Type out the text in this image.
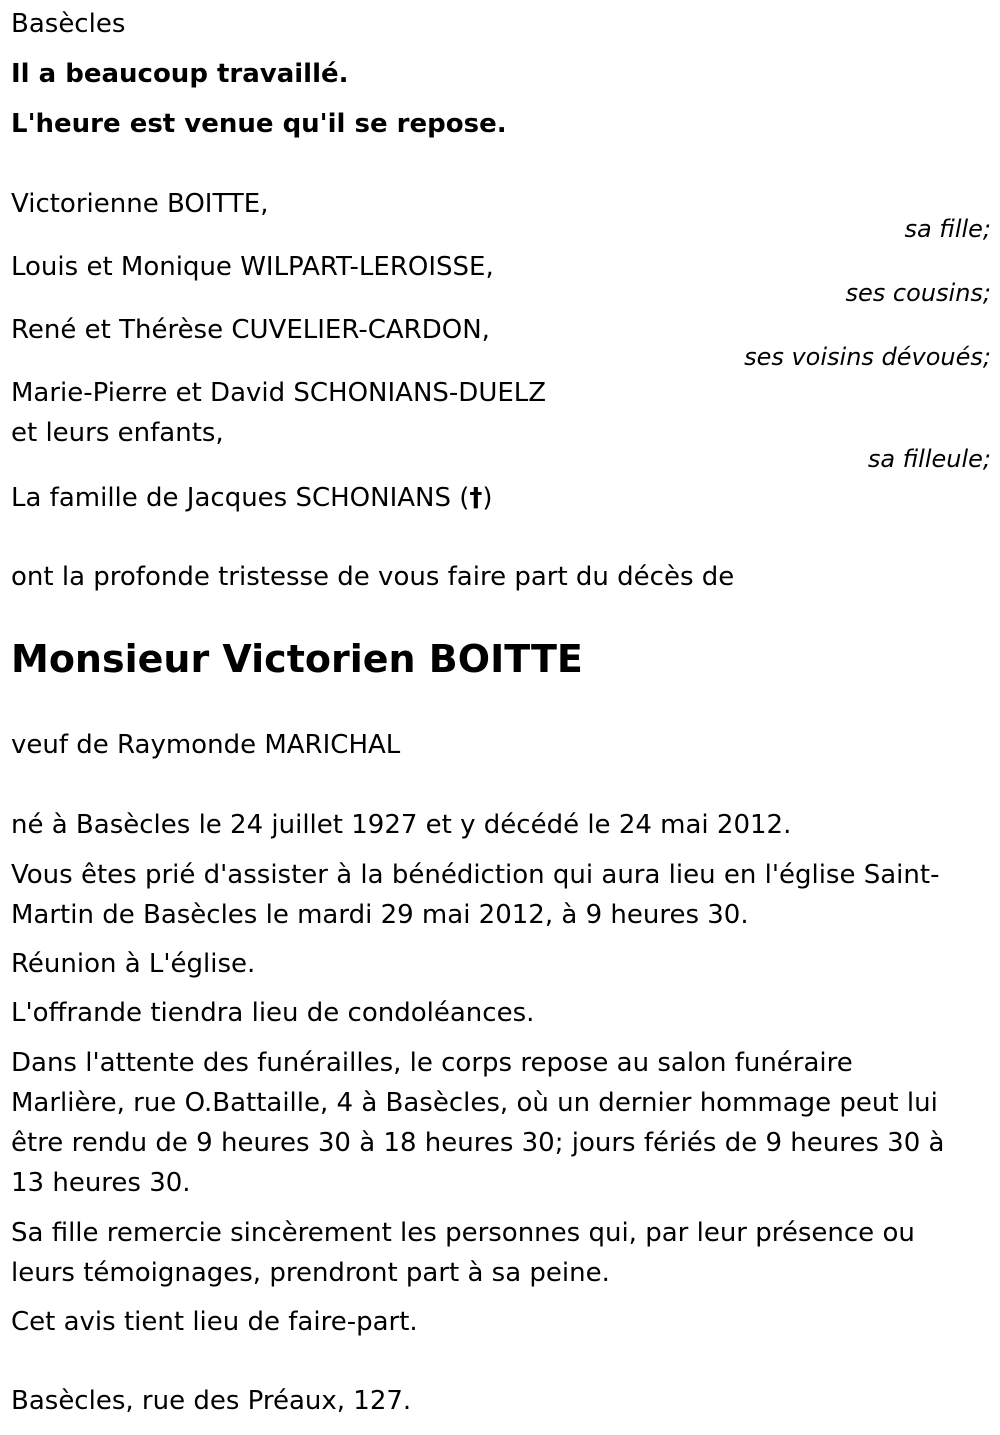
Basècles
Il a beaucoup travaillé.
L'heure est venue qu'il se repose.
Victorienne BOITTE,
sa fille;
Louis et Monique WILPART-LEROISSE,
ses cousins;
René et Thérèse CUVELIER-CARDON,
ses voisins dévoués;
Marie-Pierre et David SCHONIANS-DUELZ
et leurs enfants,
sa filleule;
La famille de Jacques SCHONIANS (†)
ont la profonde tristesse de vous faire part du décès de
Monsieur Victorien BOITTE
veuf de Raymonde MARICHAL
né à Basècles le 24 juillet 1927 et y décédé le 24 mai 2012.
Vous êtes prié d'assister à la bénédiction qui aura lieu en l'église Saint-
Martin de Basècles le mardi 29 mai 2012, à 9 heures 30.
Réunion à L'église.
L'offrande tiendra lieu de condoléances.
Dans l'attente des funérailles, le corps repose au salon funéraire
Marlière, rue O.Battaille, 4 à Basècles, où un dernier hommage peut lui
être rendu de 9 heures 30 à 18 heures 30; jours fériés de 9 heures 30 à
13 heures 30.
Sa fille remercie sincèrement les personnes qui, par leur présence ou
leurs témoignages, prendront part à sa peine.
Cet avis tient lieu de faire-part.
Basècles, rue des Préaux, 127.
